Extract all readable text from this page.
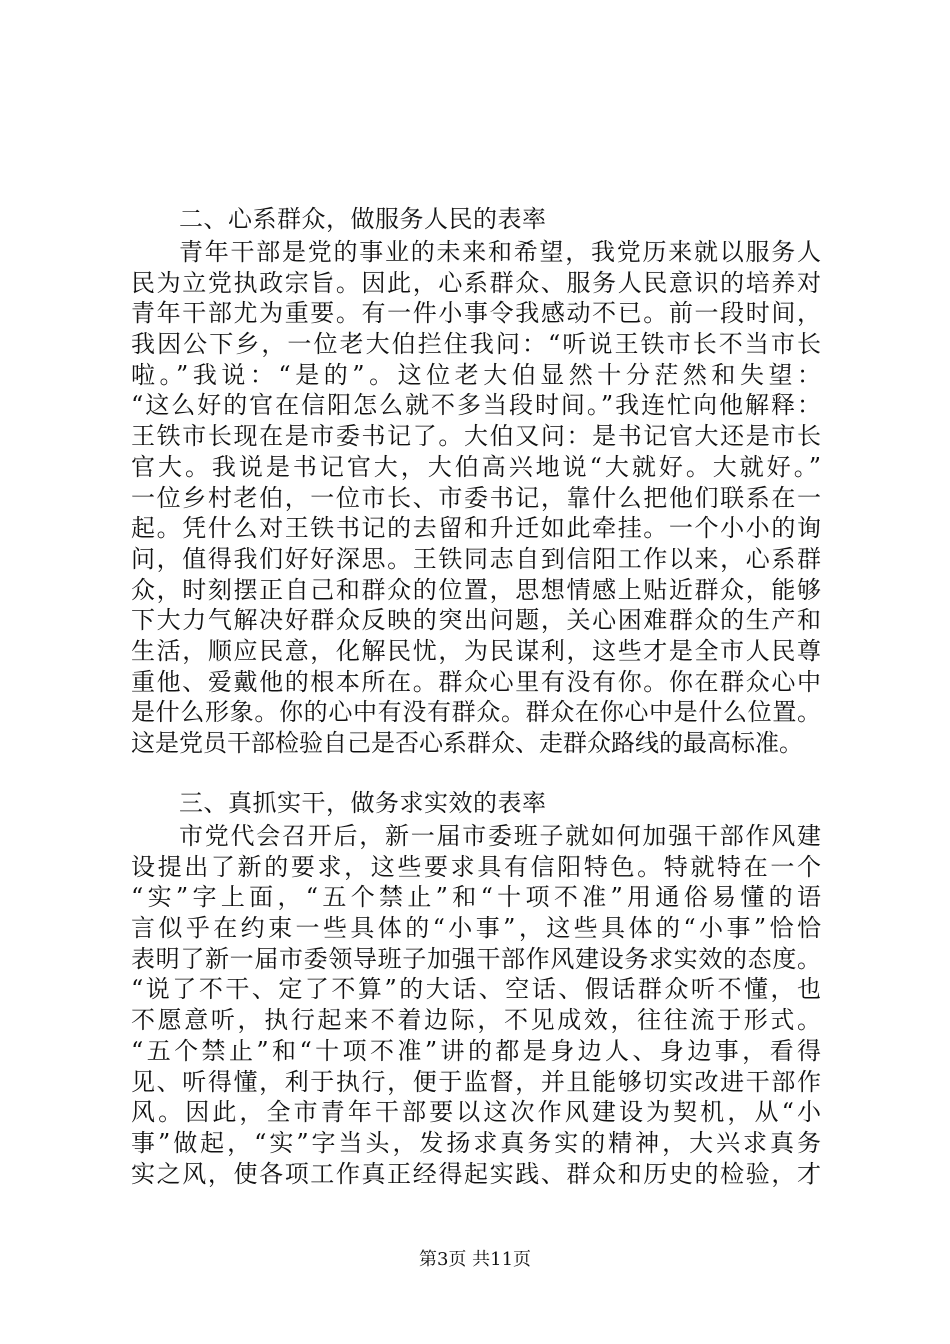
二、心系群众，做服务人民的表率
青年干部是党的事业的未来和希望，我党历来就以服务人
民为立党执政宗旨。因此，心系群众、服务人民意识的培养对
青年干部尤为重要。有一件小事令我感动不已。前一段时间，
我因公下乡，一位老大伯拦住我问：“听说王铁市长不当市长
啦。”我说：“是的”。这位老大伯显然十分茫然和失望：
“这么好的官在信阳怎么就不多当段时间。”我连忙向他解释：
王铁市长现在是市委书记了。大伯又问：是书记官大还是市长
官大。我说是书记官大，大伯高兴地说“大就好。大就好。”
一位乡村老伯，一位市长、市委书记，靠什么把他们联系在一
起。凭什么对王铁书记的去留和升迁如此牵挂。一个小小的询
问，值得我们好好深思。王铁同志自到信阳工作以来，心系群
众，时刻摆正自己和群众的位置，思想情感上贴近群众，能够
下大力气解决好群众反映的突出问题，关心困难群众的生产和
生活，顺应民意，化解民忧，为民谋利，这些才是全市人民尊
重他、爱戴他的根本所在。群众心里有没有你。你在群众心中
是什么形象。你的心中有没有群众。群众在你心中是什么位置。
这是党员干部检验自己是否心系群众、走群众路线的最高标准。
三、真抓实干，做务求实效的表率
市党代会召开后，新一届市委班子就如何加强干部作风建
设提出了新的要求，这些要求具有信阳特色。特就特在一个
“实”字上面，“五个禁止”和“十项不准”用通俗易懂的语
言似乎在约束一些具体的“小事”，这些具体的“小事”恰恰
表明了新一届市委领导班子加强干部作风建设务求实效的态度。
“说了不干、定了不算”的大话、空话、假话群众听不懂，也
不愿意听，执行起来不着边际，不见成效，往往流于形式。
“五个禁止”和“十项不准”讲的都是身边人、身边事，看得
见、听得懂，利于执行，便于监督，并且能够切实改进干部作
风。因此，全市青年干部要以这次作风建设为契机，从“小
事”做起，“实”字当头，发扬求真务实的精神，大兴求真务
实之风，使各项工作真正经得起实践、群众和历史的检验，才
第3页 共11页
